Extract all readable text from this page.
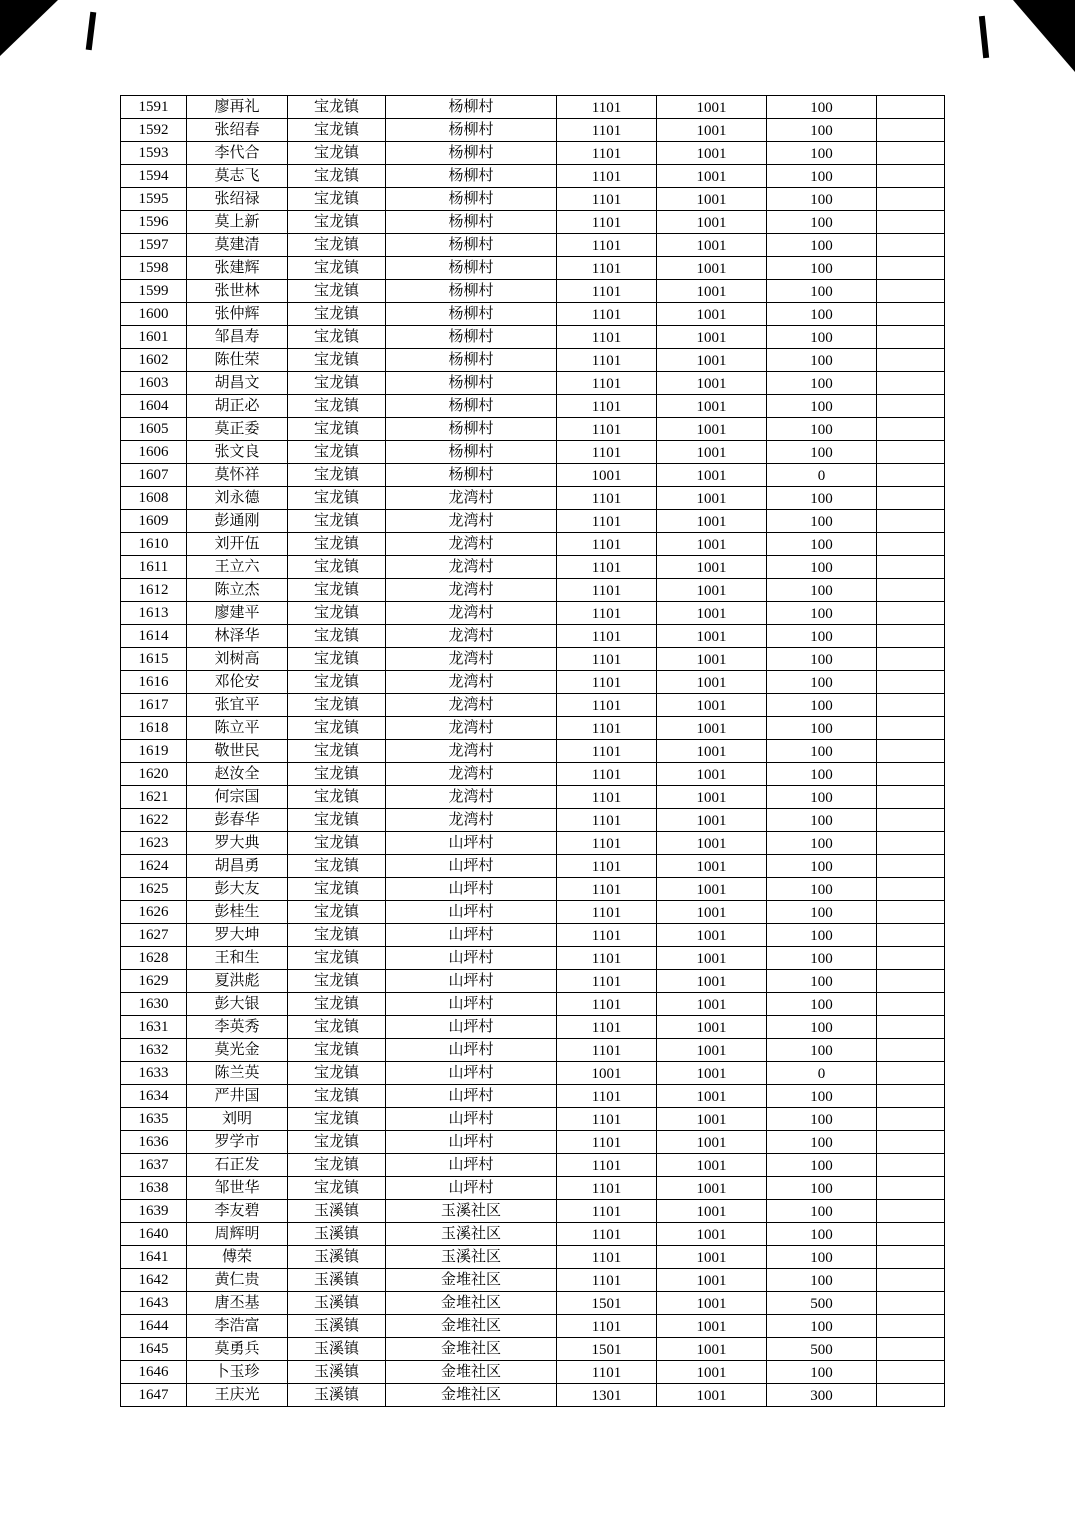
1591	廖再礼	宝龙镇	杨柳村	1101	1001	100	
1592	张绍春	宝龙镇	杨柳村	1101	1001	100	
1593	李代合	宝龙镇	杨柳村	1101	1001	100	
1594	莫志飞	宝龙镇	杨柳村	1101	1001	100	
1595	张绍禄	宝龙镇	杨柳村	1101	1001	100	
1596	莫上新	宝龙镇	杨柳村	1101	1001	100	
1597	莫建清	宝龙镇	杨柳村	1101	1001	100	
1598	张建辉	宝龙镇	杨柳村	1101	1001	100	
1599	张世林	宝龙镇	杨柳村	1101	1001	100	
1600	张仲辉	宝龙镇	杨柳村	1101	1001	100	
1601	邹昌寿	宝龙镇	杨柳村	1101	1001	100	
1602	陈仕荣	宝龙镇	杨柳村	1101	1001	100	
1603	胡昌文	宝龙镇	杨柳村	1101	1001	100	
1604	胡正必	宝龙镇	杨柳村	1101	1001	100	
1605	莫正委	宝龙镇	杨柳村	1101	1001	100	
1606	张文良	宝龙镇	杨柳村	1101	1001	100	
1607	莫怀祥	宝龙镇	杨柳村	1001	1001	0	
1608	刘永德	宝龙镇	龙湾村	1101	1001	100	
1609	彭通刚	宝龙镇	龙湾村	1101	1001	100	
1610	刘开伍	宝龙镇	龙湾村	1101	1001	100	
1611	王立六	宝龙镇	龙湾村	1101	1001	100	
1612	陈立杰	宝龙镇	龙湾村	1101	1001	100	
1613	廖建平	宝龙镇	龙湾村	1101	1001	100	
1614	林泽华	宝龙镇	龙湾村	1101	1001	100	
1615	刘树高	宝龙镇	龙湾村	1101	1001	100	
1616	邓伦安	宝龙镇	龙湾村	1101	1001	100	
1617	张宜平	宝龙镇	龙湾村	1101	1001	100	
1618	陈立平	宝龙镇	龙湾村	1101	1001	100	
1619	敬世民	宝龙镇	龙湾村	1101	1001	100	
1620	赵汝全	宝龙镇	龙湾村	1101	1001	100	
1621	何宗国	宝龙镇	龙湾村	1101	1001	100	
1622	彭春华	宝龙镇	龙湾村	1101	1001	100	
1623	罗大典	宝龙镇	山坪村	1101	1001	100	
1624	胡昌勇	宝龙镇	山坪村	1101	1001	100	
1625	彭大友	宝龙镇	山坪村	1101	1001	100	
1626	彭桂生	宝龙镇	山坪村	1101	1001	100	
1627	罗大坤	宝龙镇	山坪村	1101	1001	100	
1628	王和生	宝龙镇	山坪村	1101	1001	100	
1629	夏洪彪	宝龙镇	山坪村	1101	1001	100	
1630	彭大银	宝龙镇	山坪村	1101	1001	100	
1631	李英秀	宝龙镇	山坪村	1101	1001	100	
1632	莫光金	宝龙镇	山坪村	1101	1001	100	
1633	陈兰英	宝龙镇	山坪村	1001	1001	0	
1634	严井国	宝龙镇	山坪村	1101	1001	100	
1635	刘明	宝龙镇	山坪村	1101	1001	100	
1636	罗学市	宝龙镇	山坪村	1101	1001	100	
1637	石正发	宝龙镇	山坪村	1101	1001	100	
1638	邹世华	宝龙镇	山坪村	1101	1001	100	
1639	李友碧	玉溪镇	玉溪社区	1101	1001	100	
1640	周辉明	玉溪镇	玉溪社区	1101	1001	100	
1641	傅荣	玉溪镇	玉溪社区	1101	1001	100	
1642	黄仁贵	玉溪镇	金堆社区	1101	1001	100	
1643	唐丕基	玉溪镇	金堆社区	1501	1001	500	
1644	李浩富	玉溪镇	金堆社区	1101	1001	100	
1645	莫勇兵	玉溪镇	金堆社区	1501	1001	500	
1646	卜玉珍	玉溪镇	金堆社区	1101	1001	100	
1647	王庆光	玉溪镇	金堆社区	1301	1001	300	
